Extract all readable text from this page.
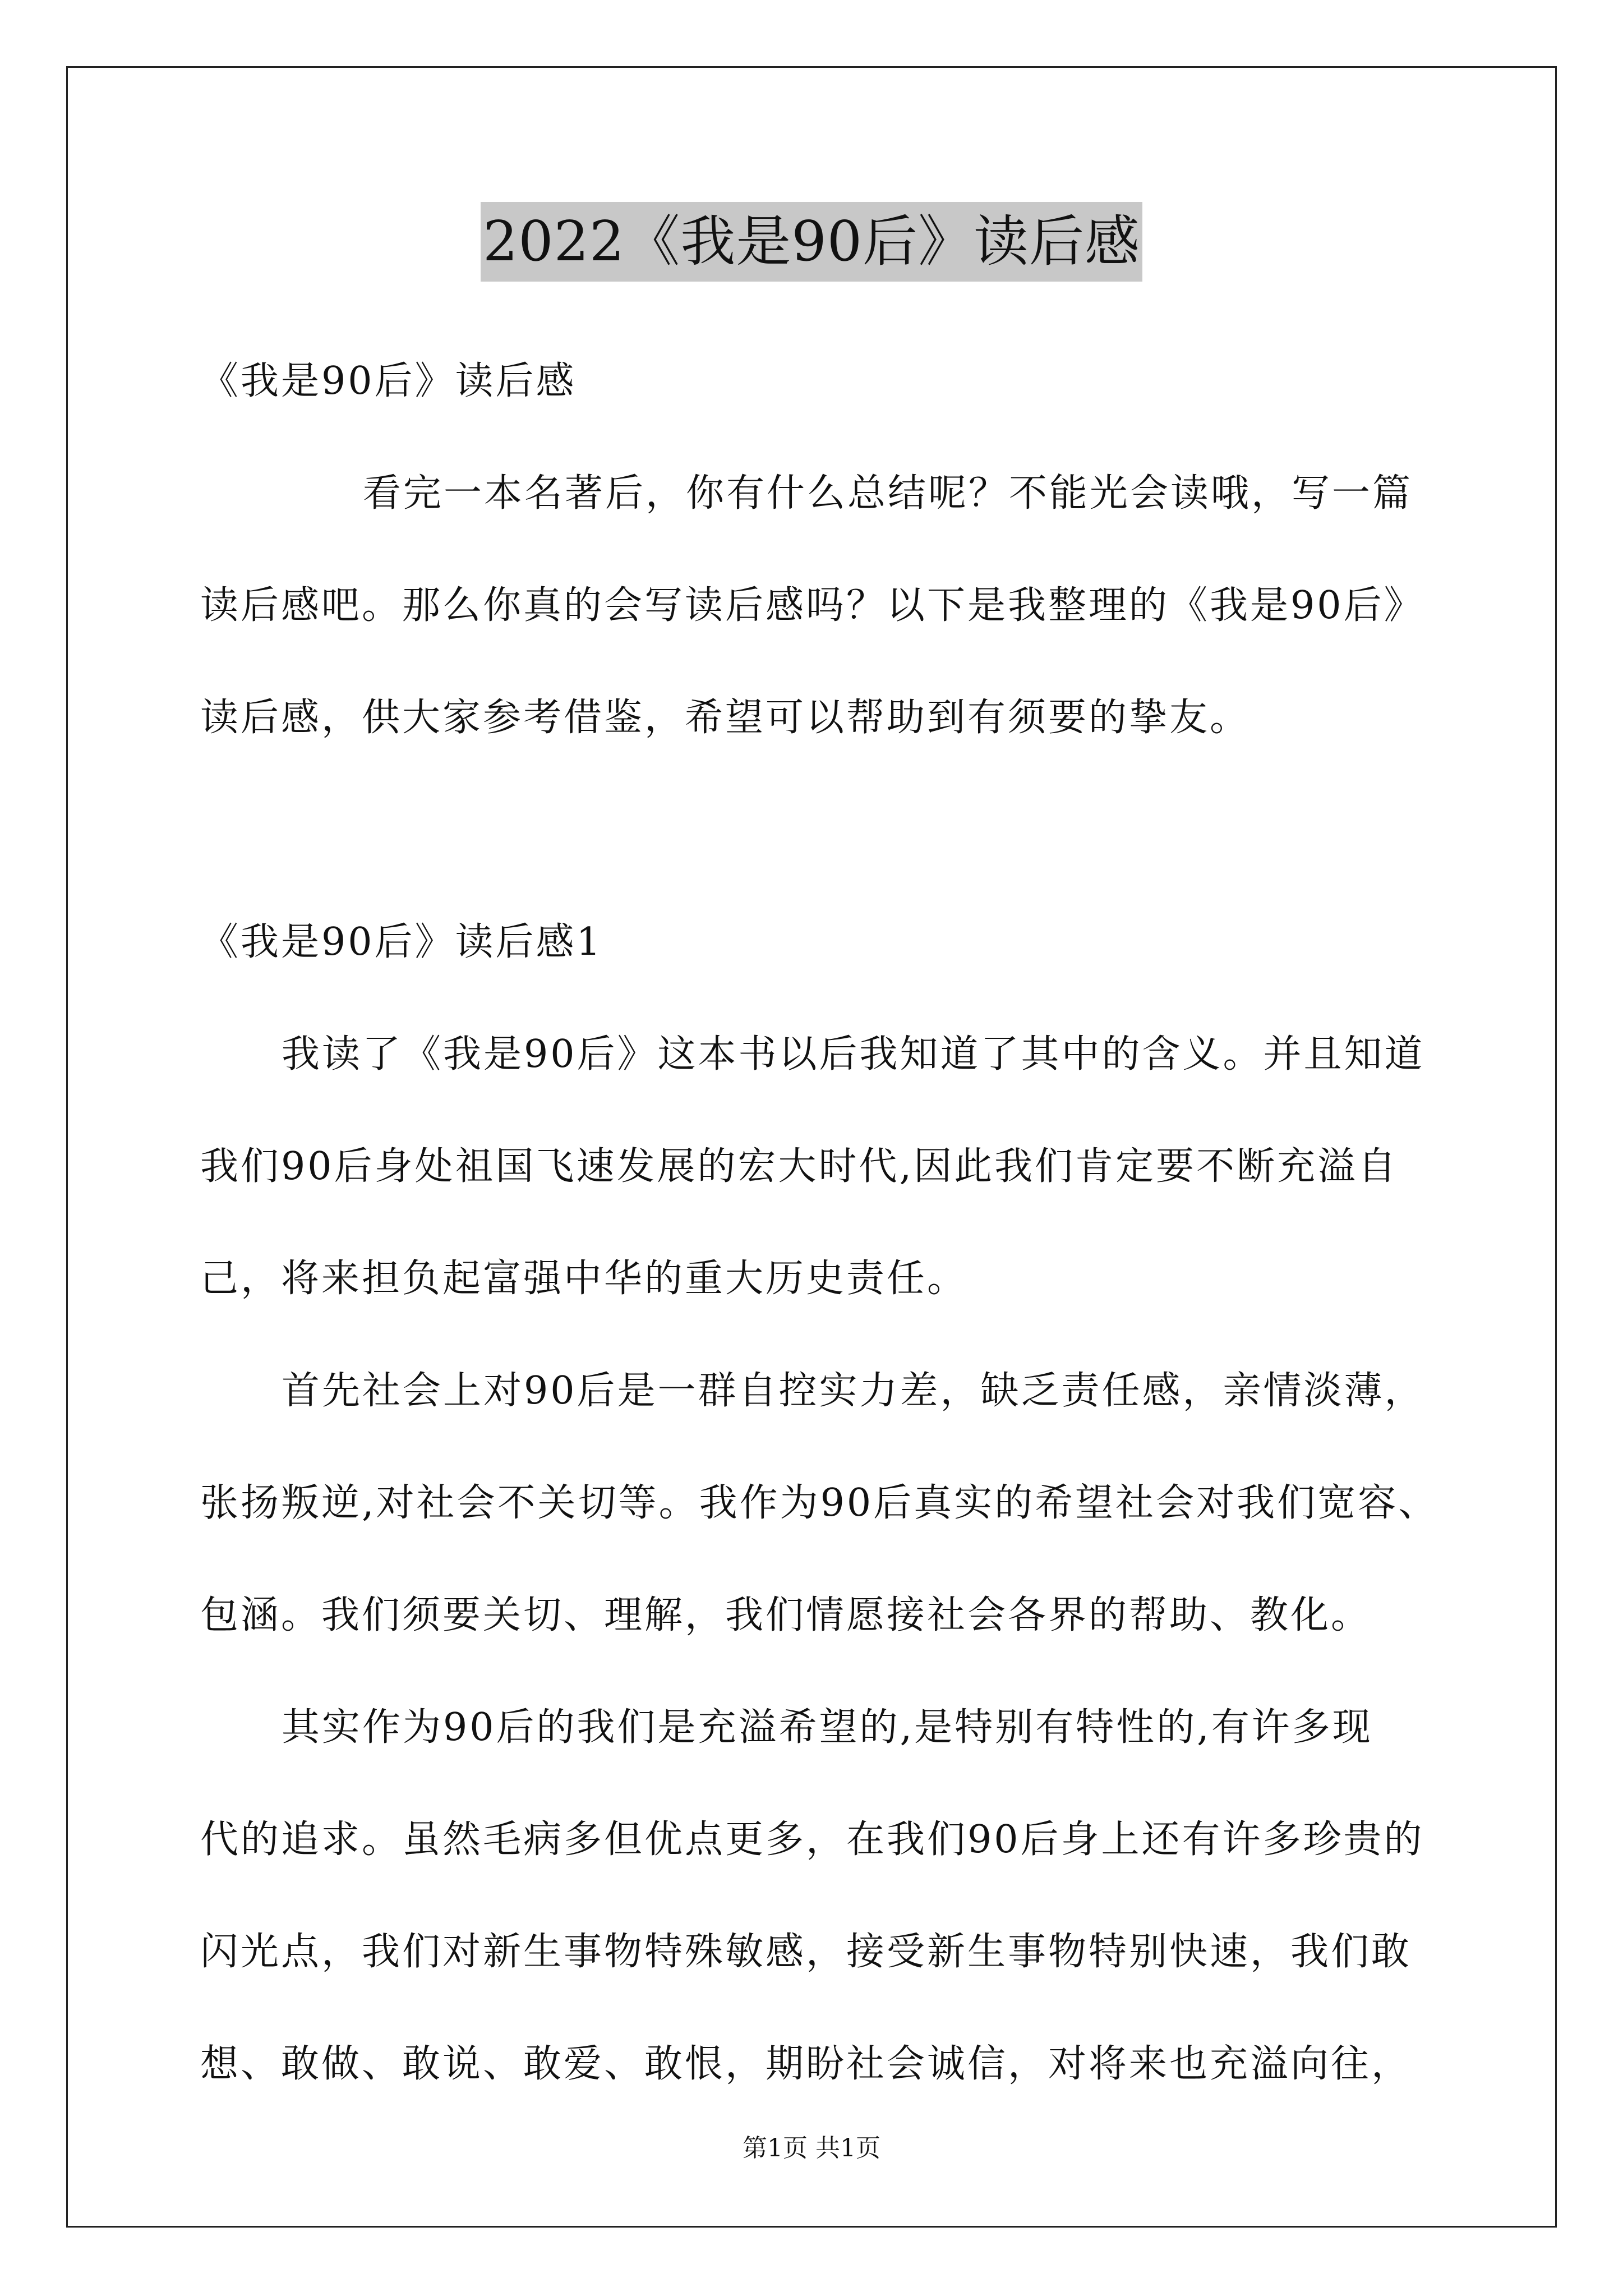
2022《我是90后》读后感
《我是90后》读后感
看完一本名著后，你有什么总结呢？不能光会读哦，写一篇
读后感吧。那么你真的会写读后感吗？以下是我整理的《我是90后》
读后感，供大家参考借鉴，希望可以帮助到有须要的挚友。
《我是90后》读后感1
我读了《我是90后》这本书以后我知道了其中的含义。并且知道
我们90后身处祖国飞速发展的宏大时代,因此我们肯定要不断充溢自
己，将来担负起富强中华的重大历史责任。
首先社会上对90后是一群自控实力差，缺乏责任感，亲情淡薄，
张扬叛逆,对社会不关切等。我作为90后真实的希望社会对我们宽容、
包涵。我们须要关切、理解，我们情愿接社会各界的帮助、教化。
其实作为90后的我们是充溢希望的,是特别有特性的,有许多现
代的追求。虽然毛病多但优点更多，在我们90后身上还有许多珍贵的
闪光点，我们对新生事物特殊敏感，接受新生事物特别快速，我们敢
想、敢做、敢说、敢爱、敢恨，期盼社会诚信，对将来也充溢向往，
第1页 共1页
